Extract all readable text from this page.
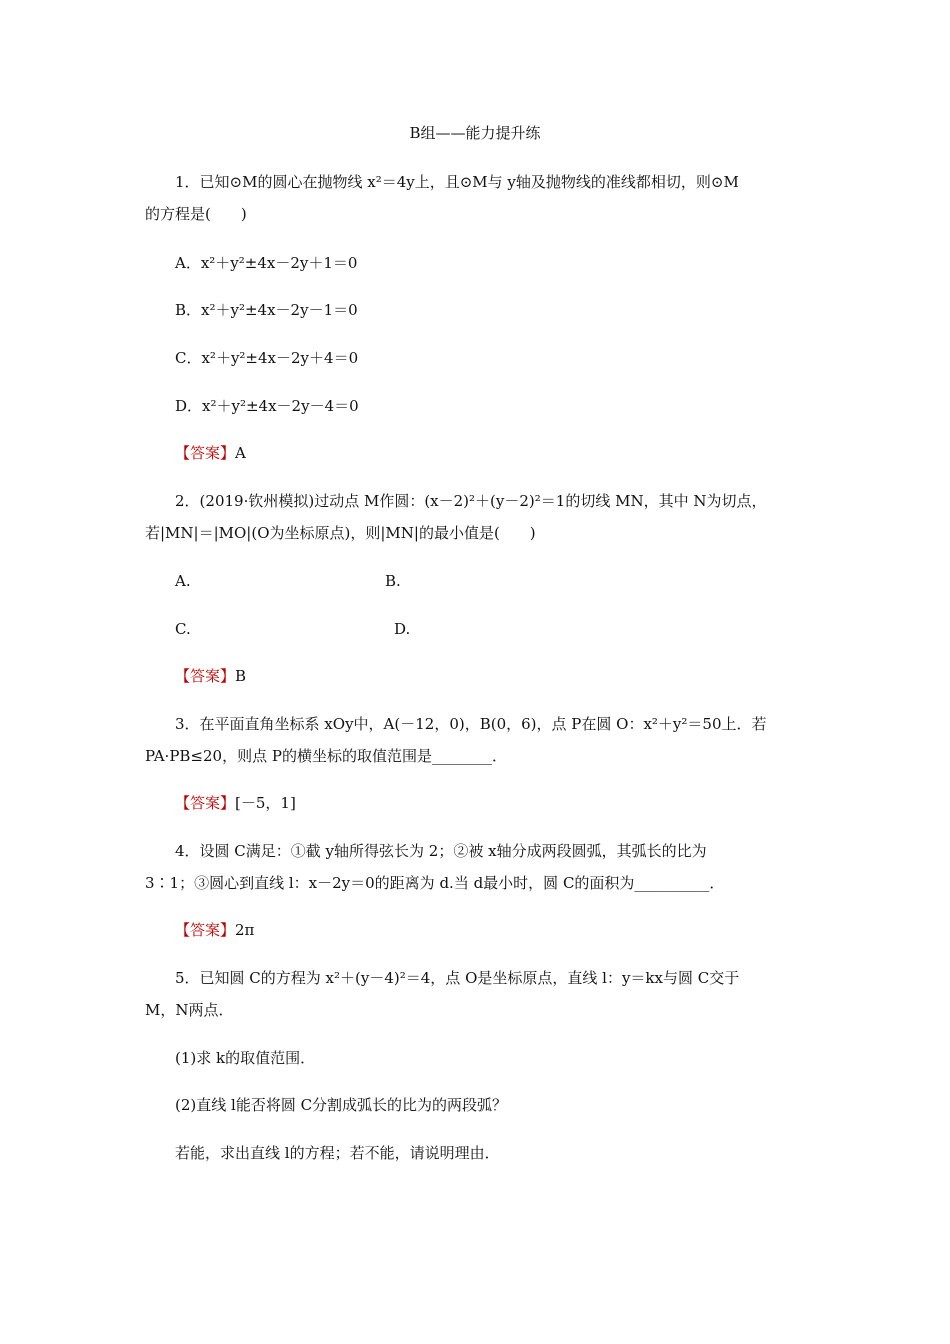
B组——能力提升练
1．已知⊙M的圆心在抛物线 x²＝4y上，且⊙M与 y轴及抛物线的准线都相切，则⊙M
的方程是(　　)
A．x²＋y²±4x－2y＋1＝0
B．x²＋y²±4x－2y－1＝0
C．x²＋y²±4x－2y＋4＝0
D．x²＋y²±4x－2y－4＝0
【答案】A
2．(2019·钦州模拟)过动点 M作圆：(x－2)²＋(y－2)²＝1的切线 MN，其中 N为切点，
若|MN|＝|MO|(O为坐标原点)，则|MN|的最小值是(　　)
A.	B.
C.	D.
【答案】B
3．在平面直角坐标系 xOy中，A(－12，0)，B(0，6)，点 P在圆 O：x²＋y²＝50上．若
PA·PB≤20，则点 P的横坐标的取值范围是________．
【答案】[－5，1]
4．设圆 C满足：①截 y轴所得弦长为 2；②被 x轴分成两段圆弧，其弧长的比为
3∶1；③圆心到直线 l：x－2y＝0的距离为 d.当 d最小时，圆 C的面积为__________．
【答案】2π
5．已知圆 C的方程为 x²＋(y－4)²＝4，点 O是坐标原点，直线 l：y＝kx与圆 C交于
M，N两点．
(1)求 k的取值范围．
(2)直线 l能否将圆 C分割成弧长的比为的两段弧？
若能，求出直线 l的方程；若不能，请说明理由．
